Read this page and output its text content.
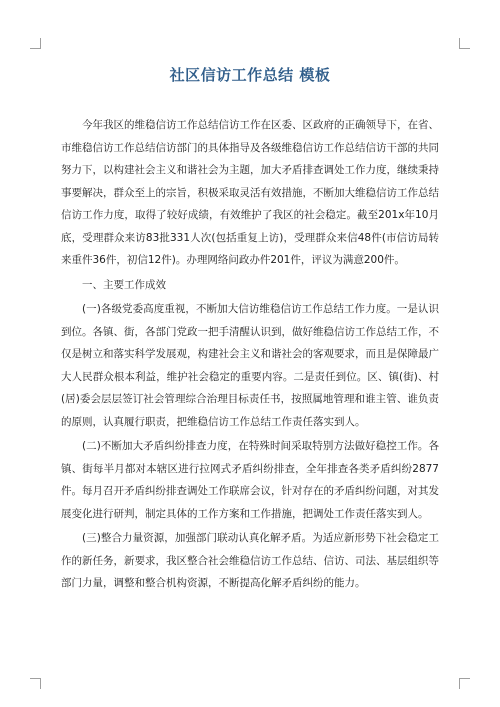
社区信访工作总结 模板

今年我区的维稳信访工作总结信访工作在区委、区政府的正确领导下，在省、市维稳信访工作总结信访部门的具体指导及各级维稳信访工作总结信访干部的共同努力下，以构建社会主义和谐社会为主题，加大矛盾排查调处工作力度，继续秉持事要解决，群众至上的宗旨，积极采取灵活有效措施，不断加大维稳信访工作总结信访工作力度，取得了较好成绩，有效维护了我区的社会稳定。截至201x年10月底，受理群众来访83批331人次(包括重复上访)，受理群众来信48件(市信访局转来重件36件，初信12件)。办理网络问政办件201件，评议为满意200件。

一、主要工作成效

(一)各级党委高度重视，不断加大信访维稳信访工作总结工作力度。一是认识到位。各镇、街，各部门党政一把手清醒认识到，做好维稳信访工作总结工作，不仅是树立和落实科学发展观，构建社会主义和谐社会的客观要求，而且是保障最广大人民群众根本利益，维护社会稳定的重要内容。二是责任到位。区、镇(街)、村(居)委会层层签订社会管理综合治理目标责任书，按照属地管理和谁主管、谁负责的原则，认真履行职责，把维稳信访工作总结工作责任落实到人。

(二)不断加大矛盾纠纷排查力度，在特殊时间采取特别方法做好稳控工作。各镇、街每半月都对本辖区进行拉网式矛盾纠纷排查，全年排查各类矛盾纠纷2877件。每月召开矛盾纠纷排查调处工作联席会议，针对存在的矛盾纠纷问题，对其发展变化进行研判，制定具体的工作方案和工作措施，把调处工作责任落实到人。

(三)整合力量资源，加强部门联动认真化解矛盾。为适应新形势下社会稳定工作的新任务，新要求，我区整合社会维稳信访工作总结、信访、司法、基层组织等部门力量，调整和整合机构资源，不断提高化解矛盾纠纷的能力。
